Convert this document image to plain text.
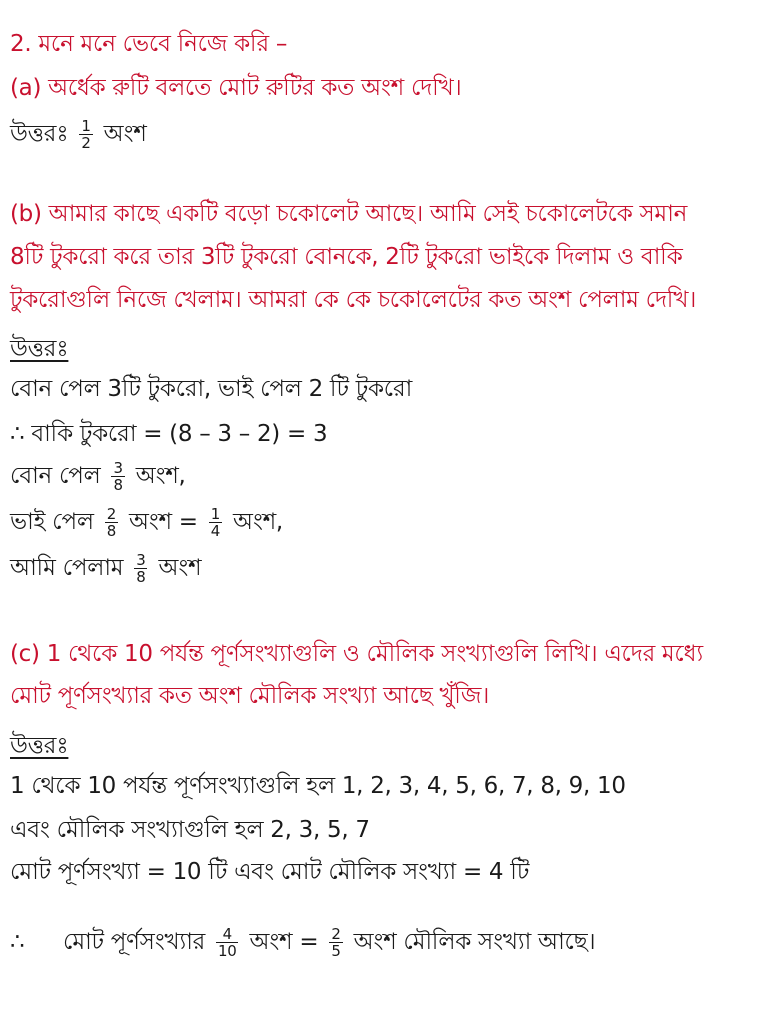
2. মনে মনে ভেবে নিজে করি –
(a) অর্ধেক রুটি বলতে মোট রুটির কত অংশ দেখি।
উত্তরঃ $\frac{1}{2}$ অংশ
(b) আমার কাছে একটি বড়ো চকোলেট আছে। আমি সেই চকোলেটকে সমান
8টি টুকরো করে তার 3টি টুকরো বোনকে, 2টি টুকরো ভাইকে দিলাম ও বাকি
টুকরোগুলি নিজে খেলাম। আমরা কে কে চকোলেটের কত অংশ পেলাম দেখি।
উত্তরঃ
বোন পেল 3টি টুকরো, ভাই পেল 2 টি টুকরো
∴ বাকি টুকরো = (8 – 3 – 2) = 3
বোন পেল $\frac{3}{8}$ অংশ,
ভাই পেল $\frac{2}{8}$ অংশ = $\frac{1}{4}$ অংশ,
আমি পেলাম $\frac{3}{8}$ অংশ
(c) 1 থেকে 10 পর্যন্ত পূর্ণসংখ্যাগুলি ও মৌলিক সংখ্যাগুলি লিখি। এদের মধ্যে
মোট পূর্ণসংখ্যার কত অংশ মৌলিক সংখ্যা আছে খুঁজি।
উত্তরঃ
1 থেকে 10 পর্যন্ত পূর্ণসংখ্যাগুলি হল 1, 2, 3, 4, 5, 6, 7, 8, 9, 10
এবং মৌলিক সংখ্যাগুলি হল 2, 3, 5, 7
মোট পূর্ণসংখ্যা = 10 টি এবং মোট মৌলিক সংখ্যা = 4 টি
∴ মোট পূর্ণসংখ্যার $\frac{4}{10}$ অংশ = $\frac{2}{5}$ অংশ মৌলিক সংখ্যা আছে।
